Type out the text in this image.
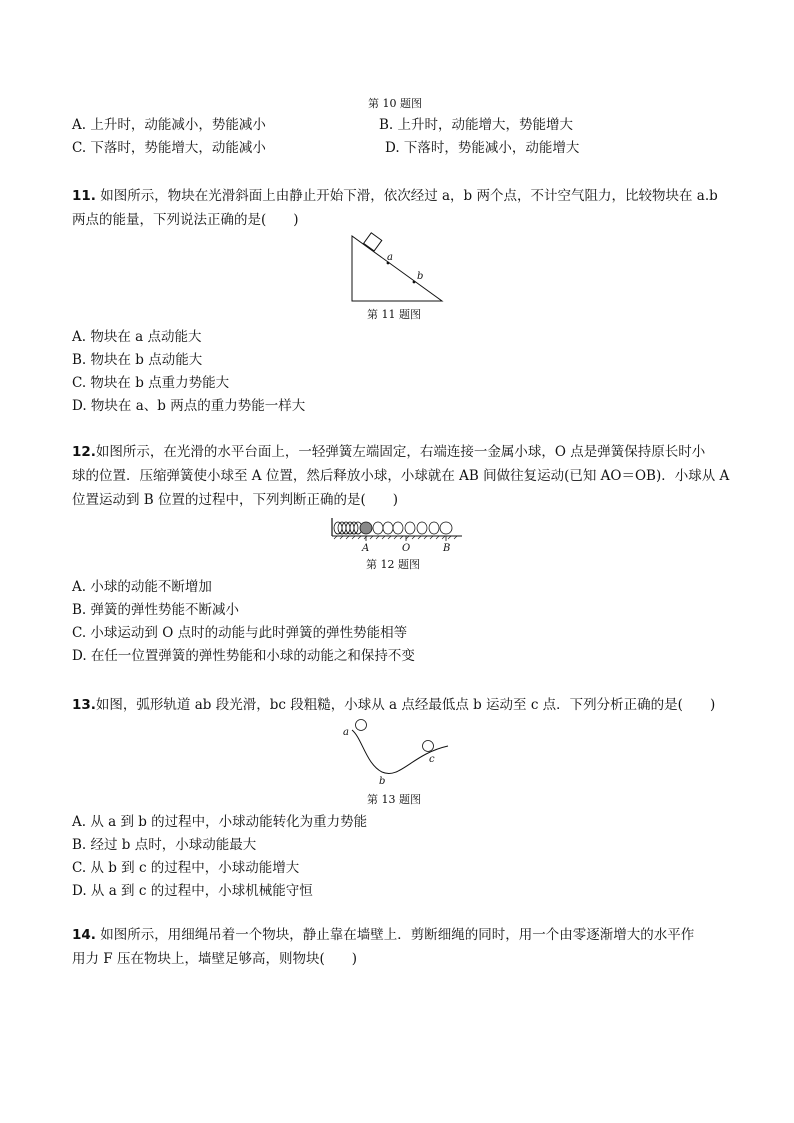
第 10 题图
A. 上升时，动能减小，势能减小	B. 上升时，动能增大，势能增大
C. 下落时，势能增大，动能减小	D. 下落时，势能减小，动能增大
11. 如图所示，物块在光滑斜面上由静止开始下滑，依次经过 a，b 两个点，不计空气阻力，比较物块在 a.b
两点的能量，下列说法正确的是(　　)
a
b
第 11 题图
A. 物块在 a 点动能大
B. 物块在 b 点动能大
C. 物块在 b 点重力势能大
D. 物块在 a、b 两点的重力势能一样大
12.如图所示，在光滑的水平台面上，一轻弹簧左端固定，右端连接一金属小球，O 点是弹簧保持原长时小
球的位置．压缩弹簧使小球至 A 位置，然后释放小球，小球就在 AB 间做往复运动(已知 AO＝OB)．小球从 A
位置运动到 B 位置的过程中，下列判断正确的是(　　)
A	O	B
第 12 题图
A. 小球的动能不断增加
B. 弹簧的弹性势能不断减小
C. 小球运动到 O 点时的动能与此时弹簧的弹性势能相等
D. 在任一位置弹簧的弹性势能和小球的动能之和保持不变
13.如图，弧形轨道 ab 段光滑，bc 段粗糙，小球从 a 点经最低点 b 运动至 c 点．下列分析正确的是(　　)
a
b
c
第 13 题图
A. 从 a 到 b 的过程中，小球动能转化为重力势能
B. 经过 b 点时，小球动能最大
C. 从 b 到 c 的过程中，小球动能增大
D. 从 a 到 c 的过程中，小球机械能守恒
14. 如图所示，用细绳吊着一个物块，静止靠在墙壁上．剪断细绳的同时，用一个由零逐渐增大的水平作
用力 F 压在物块上，墙壁足够高，则物块(　　)
